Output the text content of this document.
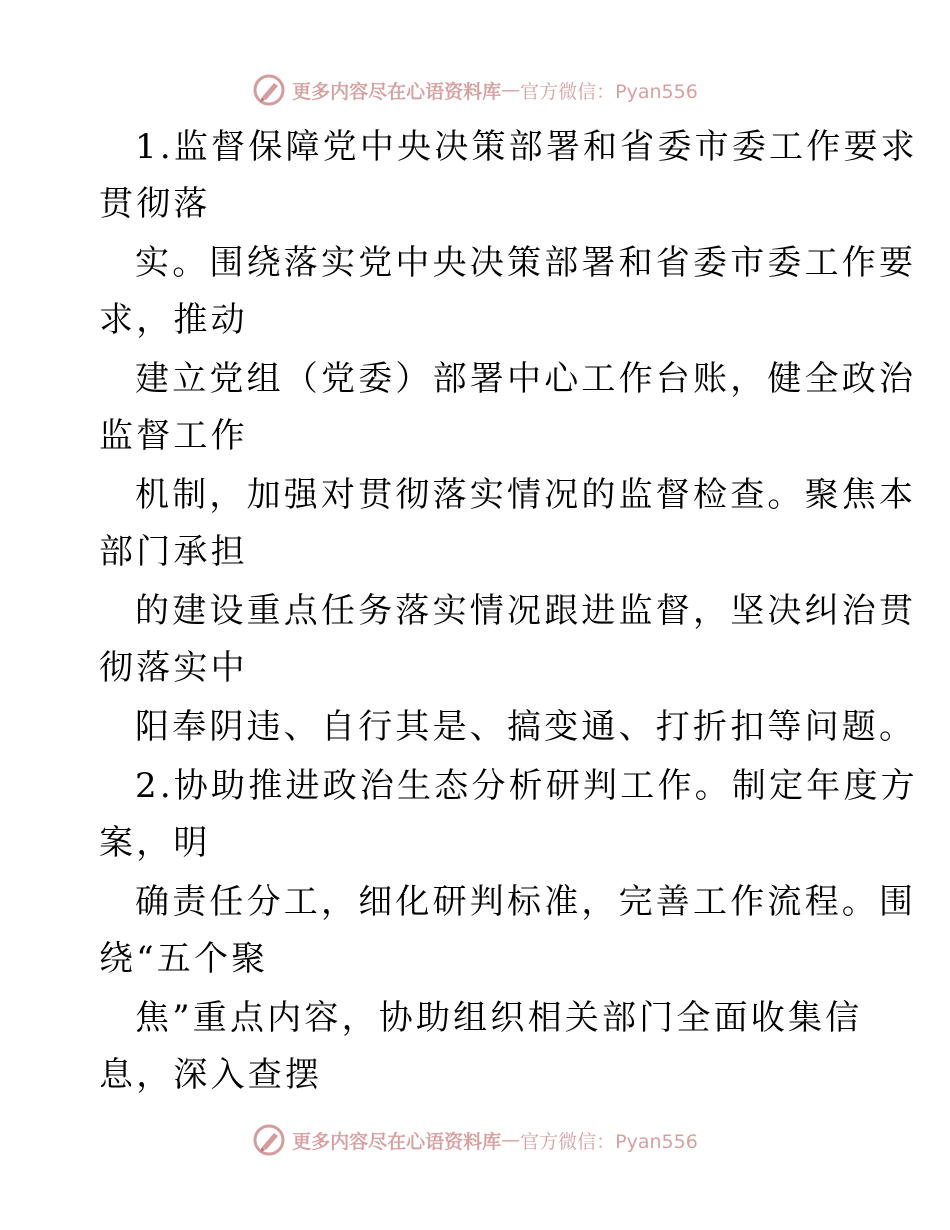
更多内容尽在心语资料库 — 官方微信：Pyan556
1.监督保障党中央决策部署和省委市委工作要求
贯彻落
实。围绕落实党中央决策部署和省委市委工作要
求，推动
建立党组（党委）部署中心工作台账，健全政治
监督工作
机制，加强对贯彻落实情况的监督检查。聚焦本
部门承担
的建设重点任务落实情况跟进监督，坚决纠治贯
彻落实中
阳奉阴违、自行其是、搞变通、打折扣等问题。
2.协助推进政治生态分析研判工作。制定年度方
案，明
确责任分工，细化研判标准，完善工作流程。围
绕“五个聚
焦”重点内容，协助组织相关部门全面收集信
息，深入查摆
更多内容尽在心语资料库 — 官方微信：Pyan556
